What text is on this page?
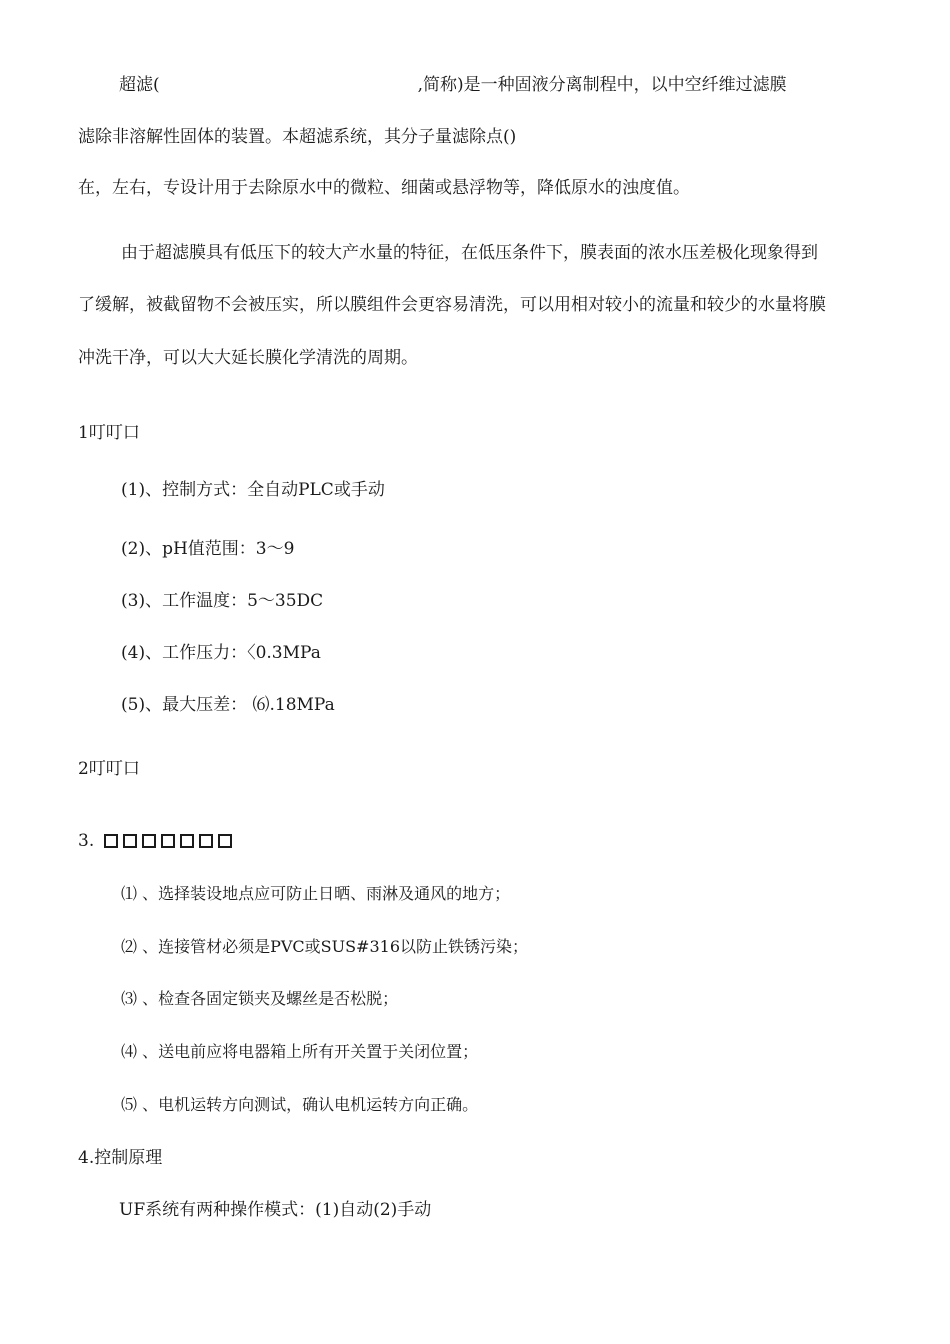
超滤(	,简称)是一种固液分离制程中，以中空纤维过滤膜

滤除非溶解性固体的装置。本超滤系统，其分子量滤除点()

在，左右，专设计用于去除原水中的微粒、细菌或悬浮物等，降低原水的浊度值。

由于超滤膜具有低压下的较大产水量的特征，在低压条件下，膜表面的浓水压差极化现象得到

了缓解，被截留物不会被压实，所以膜组件会更容易清洗，可以用相对较小的流量和较少的水量将膜

冲洗干净，可以大大延长膜化学清洗的周期。

1叮叮口

(1)、控制方式：全自动PLC或手动

(2)、pH值范围：3〜9

(3)、工作温度：5〜35DC

(4)、工作压力：〈0.3MPa

(5)、最大压差： ⑹.18MPa

2叮叮口

3.

⑴ 、选择装设地点应可防止日晒、雨淋及通风的地方；

⑵ 、连接管材必须是PVC或SUS#316以防止铁锈污染；

⑶ 、检查各固定锁夹及螺丝是否松脱；

⑷ 、送电前应将电器箱上所有开关置于关闭位置；

⑸ 、电机运转方向测试，确认电机运转方向正确。

4.控制原理

UF系统有两种操作模式：(1)自动(2)手动
